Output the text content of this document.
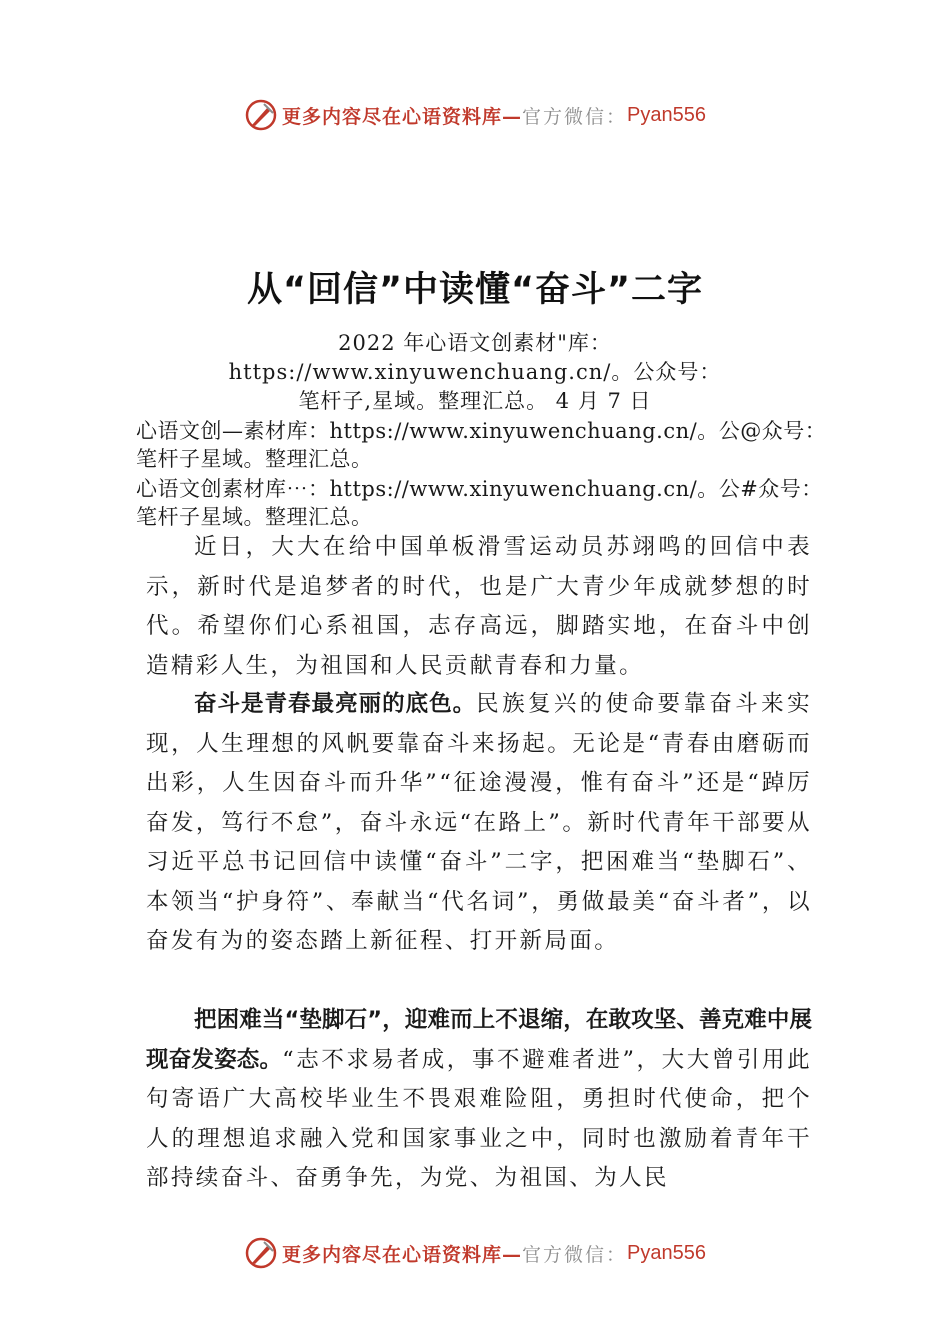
更多内容尽在心语资料库— 官方微信： Pyan556
从“回信”中读懂“奋斗”二字

2022 年心语文创素材"库：

https://www.xinyuwenchuang.cn/。公众号：

笔杆子,星域。整理汇总。 4 月 7 日

心语文创—素材库：https://www.xinyuwenchuang.cn/。公@众号：笔杆子星域。整理汇总。

心语文创素材库⋯：https://www.xinyuwenchuang.cn/。公#众号：笔杆子星域。整理汇总。

近日，大大在给中国单板滑雪运动员苏翊鸣的回信中表示，新时代是追梦者的时代，也是广大青少年成就梦想的时代。希望你们心系祖国，志存高远，脚踏实地，在奋斗中创造精彩人生，为祖国和人民贡献青春和力量。

奋斗是青春最亮丽的底色。民族复兴的使命要靠奋斗来实现，人生理想的风帆要靠奋斗来扬起。无论是“青春由磨砺而出彩，人生因奋斗而升华”“征途漫漫，惟有奋斗”还是“踔厉奋发，笃行不怠”，奋斗永远“在路上”。新时代青年干部要从习近平总书记回信中读懂“奋斗”二字，把困难当“垫脚石”、本领当“护身符”、奉献当“代名词”，勇做最美“奋斗者”，以奋发有为的姿态踏上新征程、打开新局面。

把困难当“垫脚石”，迎难而上不退缩，在敢攻坚、善克难中展现奋发姿态。“志不求易者成，事不避难者进”，大大曾引用此句寄语广大高校毕业生不畏艰难险阻，勇担时代使命，把个人的理想追求融入党和国家事业之中，同时也激励着青年干部持续奋斗、奋勇争先，为党、为祖国、为人民

更多内容尽在心语资料库— 官方微信： Pyan556
